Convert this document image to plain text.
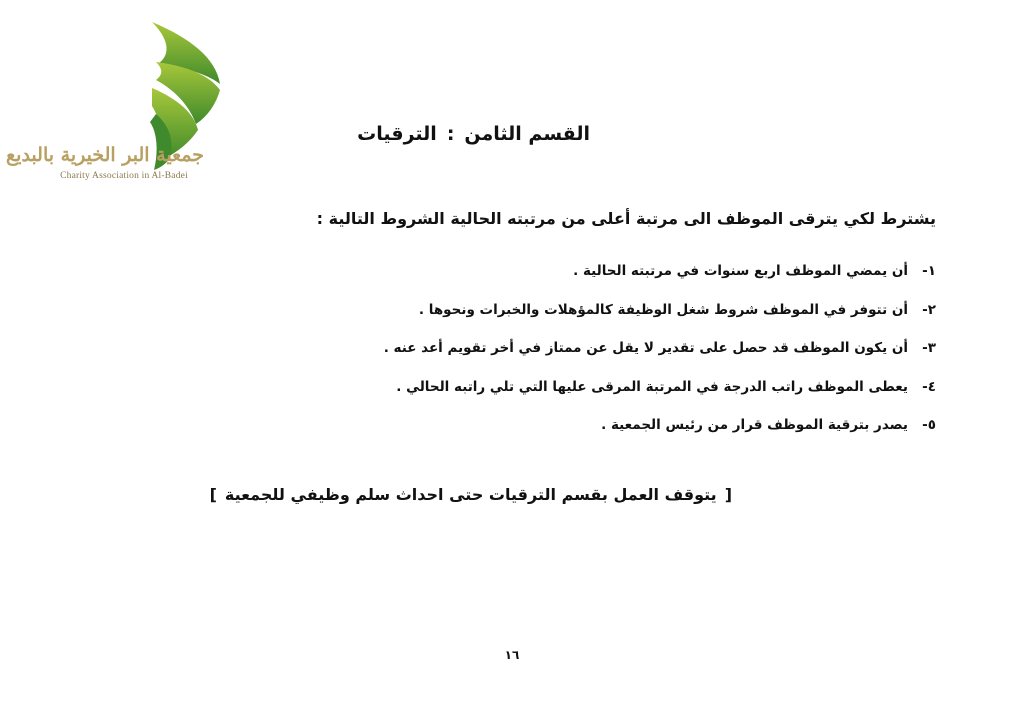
جمعية البر الخيرية بالبديع
Charity Association in Al-Badei
القسم الثامن:الترقيات
يشترط لكي يترقى الموظف الى مرتبة أعلى من مرتبته الحالية الشروط التالية :
١-أن يمضي الموظف اربع سنوات في مرتبته الحالية .
٢-أن تتوفر في الموظف شروط شغل الوظيفة كالمؤهلات والخبرات ونحوها .
٣-أن يكون الموظف قد حصل على تقدير لا يقل عن ممتاز في أخر تقويم أعد عنه .
٤-يعطى الموظف راتب الدرجة في المرتبة المرقى عليها التي تلي راتبه الحالي .
٥-يصدر بترقية الموظف قرار من رئيس الجمعية .
[يتوقف العمل بقسم الترقيات حتى احداث سلم وظيفي للجمعية]
١٦
